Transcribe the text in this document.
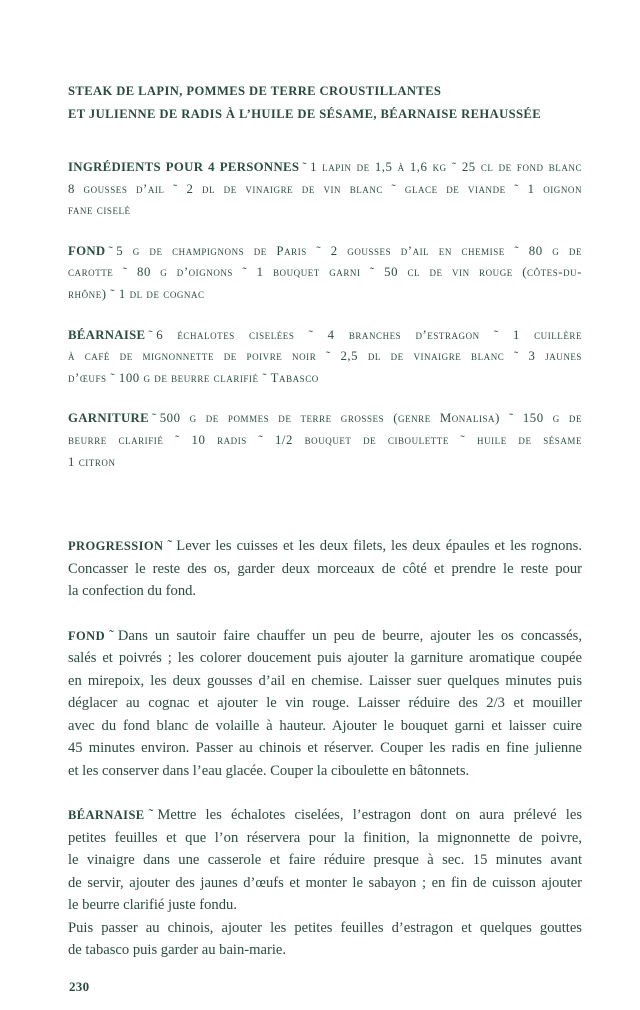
STEAK DE LAPIN, POMMES DE TERRE CROUSTILLANTES
ET JULIENNE DE RADIS À L’HUILE DE SÉSAME, BÉARNAISE REHAUSSÉE
INGRÉDIENTS POUR 4 PERSONNES ˜ 1 lapin de 1,5 à 1,6 kg ˜ 25 cl de fond blanc
8 gousses d’ail ˜ 2 dl de vinaigre de vin blanc ˜ glace de viande ˜ 1 oignon
fane ciselé
FOND ˜ 5 g de champignons de Paris ˜ 2 gousses d’ail en chemise ˜ 80 g de
carotte ˜ 80 g d’oignons ˜ 1 bouquet garni ˜ 50 cl de vin rouge (côtes-du-
rhône) ˜ 1 dl de cognac
BÉARNAISE ˜ 6 échalotes ciselées ˜ 4 branches d’estragon ˜ 1 cuillère
à café de mignonnette de poivre noir ˜ 2,5 dl de vinaigre blanc ˜ 3 jaunes
d’œufs ˜ 100 g de beurre clarifié ˜ Tabasco
GARNITURE ˜ 500 g de pommes de terre grosses (genre Monalisa) ˜ 150 g de
beurre clarifié ˜ 10 radis ˜ 1/2 bouquet de ciboulette ˜ huile de sésame
1 citron
PROGRESSION ˜ Lever les cuisses et les deux filets, les deux épaules et les rognons.
Concasser le reste des os, garder deux morceaux de côté et prendre le reste pour
la confection du fond.
FOND ˜ Dans un sautoir faire chauffer un peu de beurre, ajouter les os concassés,
salés et poivrés ; les colorer doucement puis ajouter la garniture aromatique coupée
en mirepoix, les deux gousses d’ail en chemise. Laisser suer quelques minutes puis
déglacer au cognac et ajouter le vin rouge. Laisser réduire des 2/3 et mouiller
avec du fond blanc de volaille à hauteur. Ajouter le bouquet garni et laisser cuire
45 minutes environ. Passer au chinois et réserver. Couper les radis en fine julienne
et les conserver dans l’eau glacée. Couper la ciboulette en bâtonnets.
BÉARNAISE ˜ Mettre les échalotes ciselées, l’estragon dont on aura prélevé les
petites feuilles et que l’on réservera pour la finition, la mignonnette de poivre,
le vinaigre dans une casserole et faire réduire presque à sec. 15 minutes avant
de servir, ajouter des jaunes d’œufs et monter le sabayon ; en fin de cuisson ajouter
le beurre clarifié juste fondu.
Puis passer au chinois, ajouter les petites feuilles d’estragon et quelques gouttes
de tabasco puis garder au bain-marie.
230
